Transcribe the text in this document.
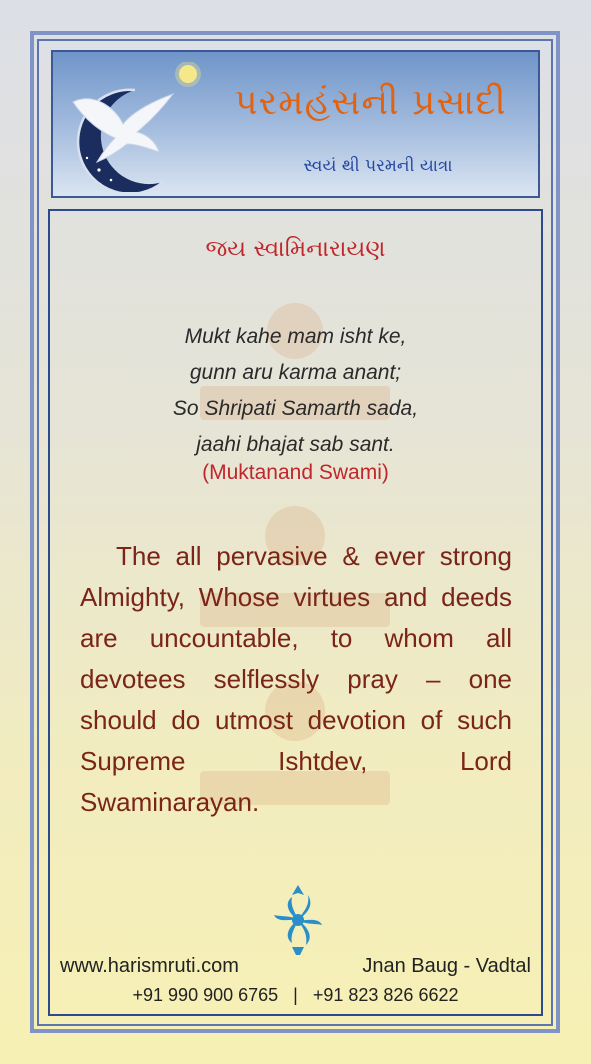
પરમહંસની પ્રસાદી
સ્વયં થી પરમની યાત્રા
જય સ્વામિનારાયણ
Mukt kahe mam isht ke,
gunn aru karma anant;
So Shripati Samarth sada,
jaahi bhajat sab sant.
(Muktanand Swami)
The all pervasive & ever strong Almighty, Whose virtues and deeds are uncountable, to whom all devotees selflessly pray – one should do utmost devotion of such Supreme Ishtdev, Lord Swaminarayan.
www.harismruti.com	Jnan Baug - Vadtal
+91 990 900 6765   |   +91 823 826 6622
